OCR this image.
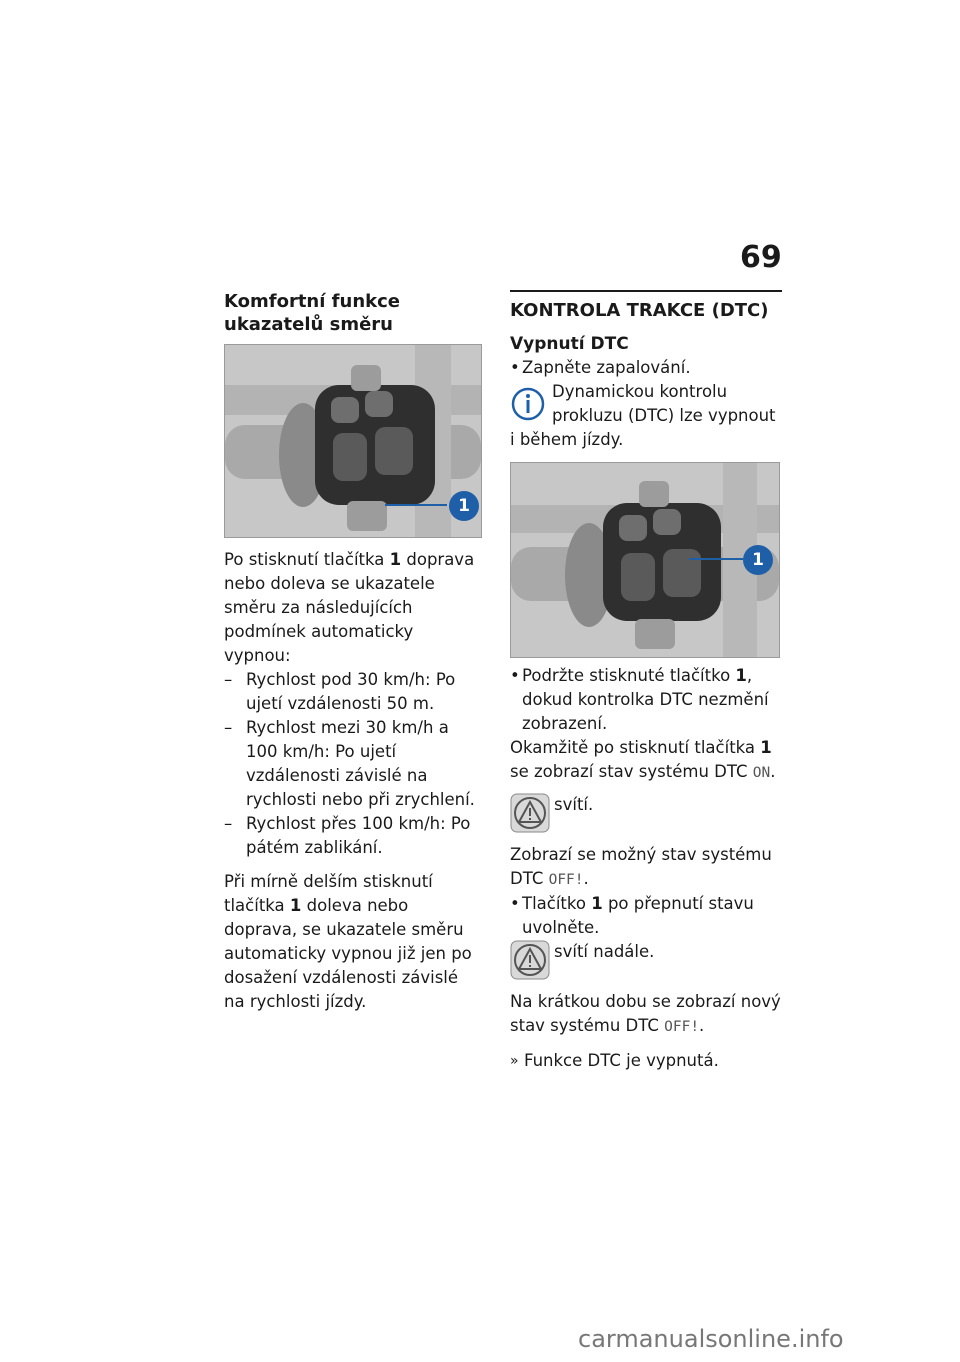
69
Komfortní funkce ukazatelů směru
1

Po stisknutí tlačítka 1 doprava nebo doleva se ukazatele směru za následujících podmínek automaticky vypnou:

– Rychlost pod 30 km/h: Po ujetí vzdálenosti 50 m.
– Rychlost mezi 30 km/h a 100 km/h: Po ujetí vzdálenosti závislé na rychlosti nebo při zrychlení.
– Rychlost přes 100 km/h: Po pátém zablikání.

Při mírně delším stisknutí tlačítka 1 doleva nebo doprava, se ukazatele směru automaticky vypnou již jen po dosažení vzdálenosti závislé na rychlosti jízdy.

KONTROLA TRAKCE (DTC)
Vypnutí DTC
• Zapněte zapalování.

Dynamickou kontrolu prokluzu (DTC) lze vypnout i během jízdy.

1
• Podržte stisknuté tlačítko 1, dokud kontrolka DTC nezmění zobrazení.

Okamžitě po stisknutí tlačítka 1 se zobrazí stav systému DTC ON.

svítí.

Zobrazí se možný stav systému DTC OFF!.

• Tlačítko 1 po přepnutí stavu uvolněte.

svítí nadále.

Na krátkou dobu se zobrazí nový stav systému DTC OFF!.

» Funkce DTC je vypnutá.

carmanualsonline.info
